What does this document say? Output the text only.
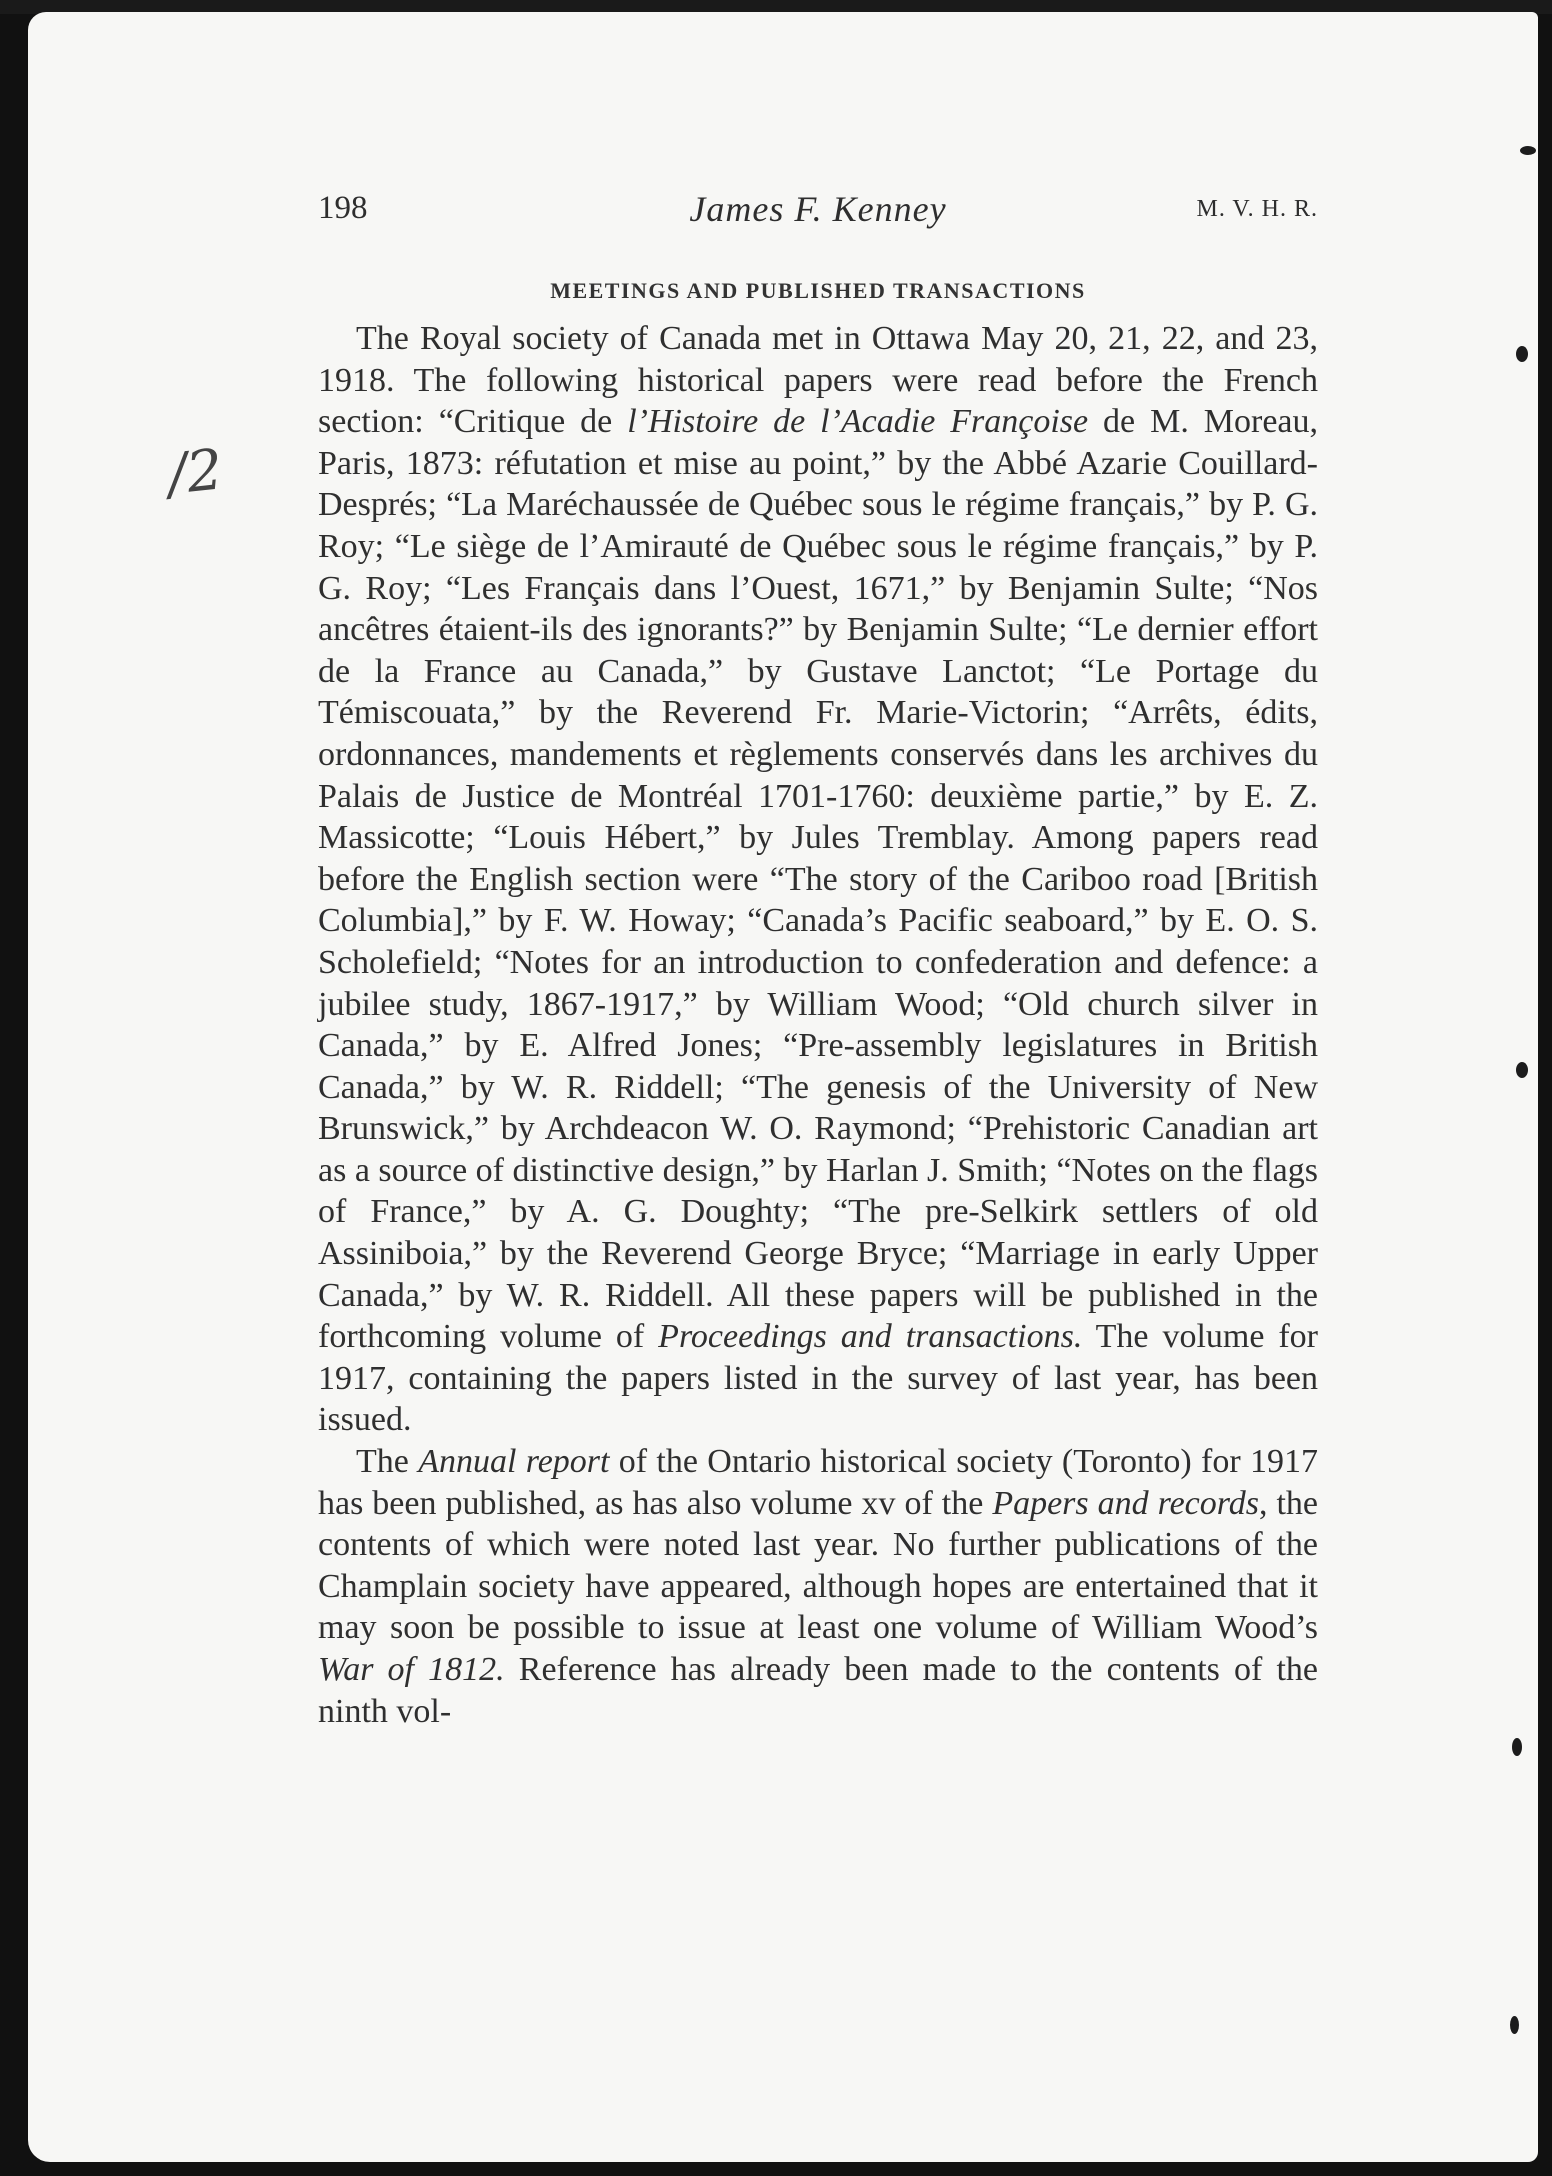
198	James F. Kenney	M. V. H. R.
MEETINGS AND PUBLISHED TRANSACTIONS
/2

The Royal society of Canada met in Ottawa May 20, 21, 22, and 23, 1918. The following historical papers were read before the French section: “Critique de l’Histoire de l’Acadie Françoise de M. Moreau, Paris, 1873: réfutation et mise au point,” by the Abbé Azarie Couillard-Després; “La Maréchaussée de Québec sous le régime français,” by P. G. Roy; “Le siège de l’Amirauté de Québec sous le régime français,” by P. G. Roy; “Les Français dans l’Ouest, 1671,” by Benjamin Sulte; “Nos ancêtres étaient-ils des ignorants?” by Benjamin Sulte; “Le dernier effort de la France au Canada,” by Gustave Lanctot; “Le Portage du Témiscouata,” by the Reverend Fr. Marie-Victorin; “Arrêts, édits, ordonnances, mandements et règlements conservés dans les archives du Palais de Justice de Montréal 1701-1760: deuxième partie,” by E. Z. Massicotte; “Louis Hébert,” by Jules Tremblay. Among papers read before the English section were “The story of the Cariboo road [British Columbia],” by F. W. Howay; “Canada’s Pacific seaboard,” by E. O. S. Scholefield; “Notes for an introduction to confederation and defence: a jubilee study, 1867-1917,” by William Wood; “Old church silver in Canada,” by E. Alfred Jones; “Pre-assembly legislatures in British Canada,” by W. R. Riddell; “The genesis of the University of New Brunswick,” by Archdeacon W. O. Raymond; “Prehistoric Canadian art as a source of distinctive design,” by Harlan J. Smith; “Notes on the flags of France,” by A. G. Doughty; “The pre-Selkirk settlers of old Assiniboia,” by the Reverend George Bryce; “Marriage in early Upper Canada,” by W. R. Riddell. All these papers will be published in the forthcoming volume of Proceedings and transactions. The volume for 1917, containing the papers listed in the survey of last year, has been issued.

The Annual report of the Ontario historical society (Toronto) for 1917 has been published, as has also volume xv of the Papers and records, the contents of which were noted last year. No further publications of the Champlain society have appeared, although hopes are entertained that it may soon be possible to issue at least one volume of William Wood’s War of 1812. Reference has already been made to the contents of the ninth vol-
